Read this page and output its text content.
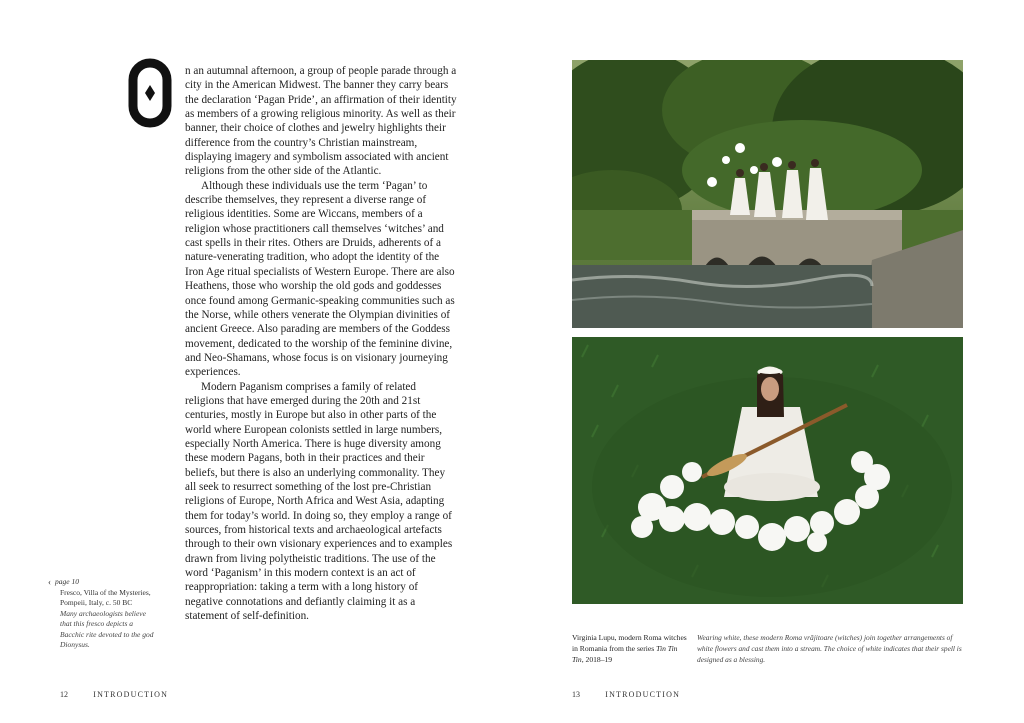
n an autumnal afternoon, a group of people parade through a city in the American Midwest. The banner they carry bears the declaration ‘Pagan Pride’, an affirmation of their identity as members of a growing religious minority. As well as their banner, their choice of clothes and jewelry highlights their difference from the country’s Christian mainstream, displaying imagery and symbolism associated with ancient religions from the other side of the Atlantic.

Although these individuals use the term ‘Pagan’ to describe themselves, they represent a diverse range of religious identities. Some are Wiccans, members of a religion whose practitioners call themselves ‘witches’ and cast spells in their rites. Others are Druids, adherents of a nature-venerating tradition, who adopt the identity of the Iron Age ritual specialists of Western Europe. There are also Heathens, those who worship the old gods and goddesses once found among Germanic-speaking communities such as the Norse, while others venerate the Olympian divinities of ancient Greece. Also parading are members of the Goddess movement, dedicated to the worship of the feminine divine, and Neo-Shamans, whose focus is on visionary journeying experiences.

Modern Paganism comprises a family of related religions that have emerged during the 20th and 21st centuries, mostly in Europe but also in other parts of the world where European colonists settled in large numbers, especially North America. There is huge diversity among these modern Pagans, both in their practices and their beliefs, but there is also an underlying commonality. They all seek to resurrect something of the lost pre-Christian religions of Europe, North Africa and West Asia, adapting them for today’s world. In doing so, they employ a range of sources, from historical texts and archaeological artefacts through to their own visionary experiences and to examples drawn from living polytheistic traditions. The use of the word ‘Paganism’ in this modern context is an act of reappropriation: taking a term with a long history of negative connotations and defiantly claiming it as a statement of self-definition.

‹ page 10
Fresco, Villa of the Mysteries, Pompeii, Italy, c. 50 BC
Many archaeologists believe that this fresco depicts a Bacchic rite devoted to the god Dionysus.
12	INTRODUCTION
Virginia Lupu, modern Roma witches in Romania from the series Tin Tin Tin, 2018–19
Wearing white, these modern Roma vrăjitoare (witches) join together arrangements of white flowers and cast them into a stream. The choice of white indicates that their spell is designed as a blessing.
13	INTRODUCTION
